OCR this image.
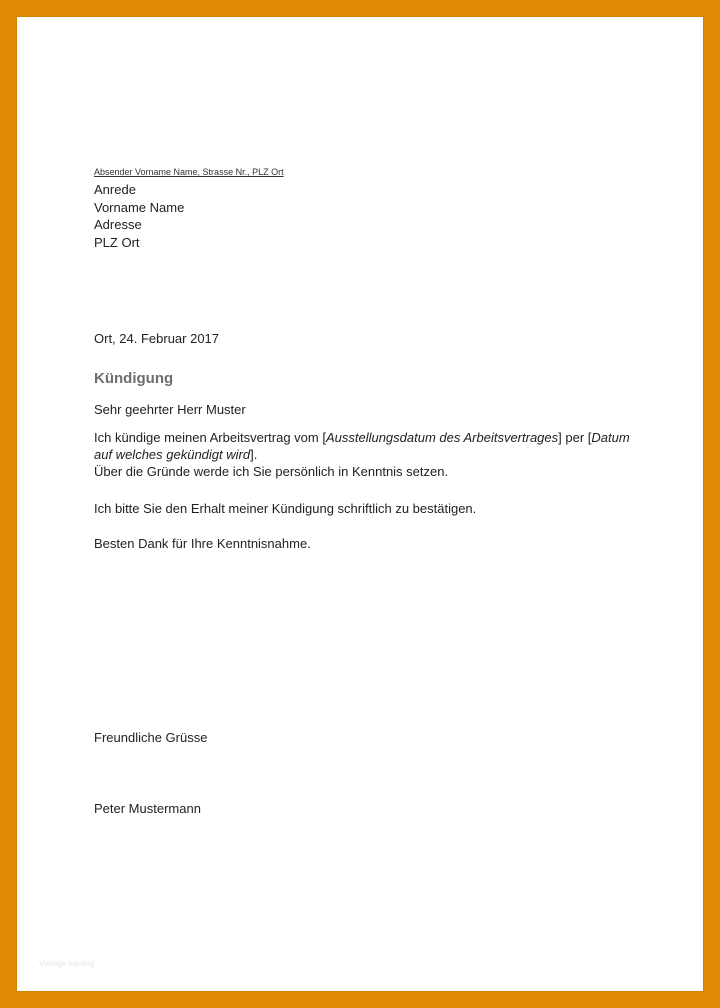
Absender Vorname Name, Strasse Nr., PLZ Ort
Anrede
Vorname Name
Adresse
PLZ Ort
Ort, 24. Februar 2017
Kündigung
Sehr geehrter Herr Muster
Ich kündige meinen Arbeitsvertrag vom [Ausstellungsdatum des Arbeitsvertrages] per [Datum auf welches gekündigt wird].
Über die Gründe werde ich Sie persönlich in Kenntnis setzen.
Ich bitte Sie den Erhalt meiner Kündigung schriftlich zu bestätigen.
Besten Dank für Ihre Kenntnisnahme.
Freundliche Grüsse
Peter Mustermann
Vorlage katalog
